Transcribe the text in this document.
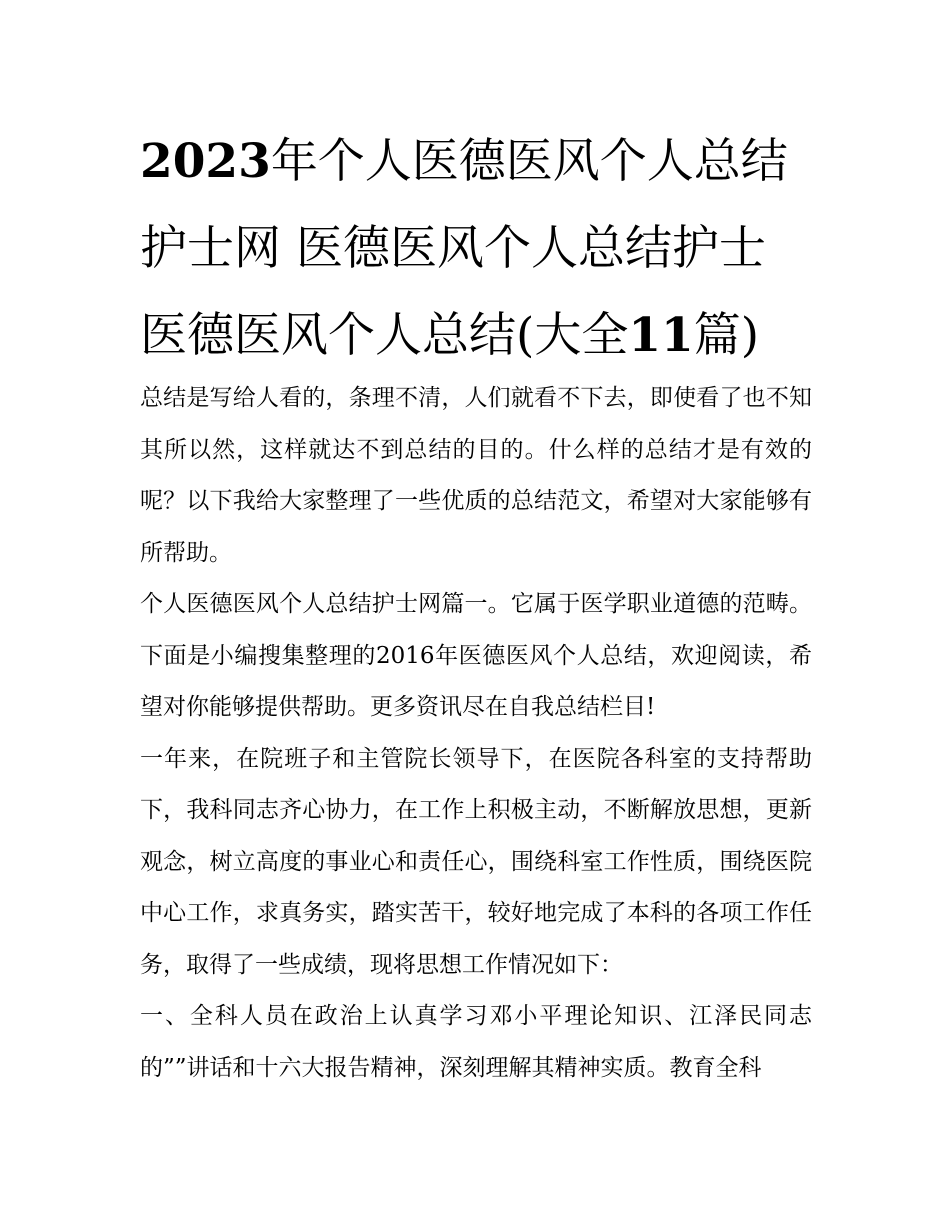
2023年个人医德医风个人总结护士网 医德医风个人总结护士医德医风个人总结(大全11篇)

总结是写给人看的，条理不清，人们就看不下去，即使看了也不知其所以然，这样就达不到总结的目的。什么样的总结才是有效的呢？以下我给大家整理了一些优质的总结范文，希望对大家能够有所帮助。

个人医德医风个人总结护士网篇一。它属于医学职业道德的范畴。下面是小编搜集整理的2016年医德医风个人总结，欢迎阅读，希望对你能够提供帮助。更多资讯尽在自我总结栏目!

一年来，在院班子和主管院长领导下，在医院各科室的支持帮助下，我科同志齐心协力，在工作上积极主动，不断解放思想，更新观念，树立高度的事业心和责任心，围绕科室工作性质，围绕医院中心工作，求真务实，踏实苦干，较好地完成了本科的各项工作任务，取得了一些成绩，现将思想工作情况如下：

一、全科人员在政治上认真学习邓小平理论知识、江泽民同志的””讲话和十六大报告精神，深刻理解其精神实质。教育全科
